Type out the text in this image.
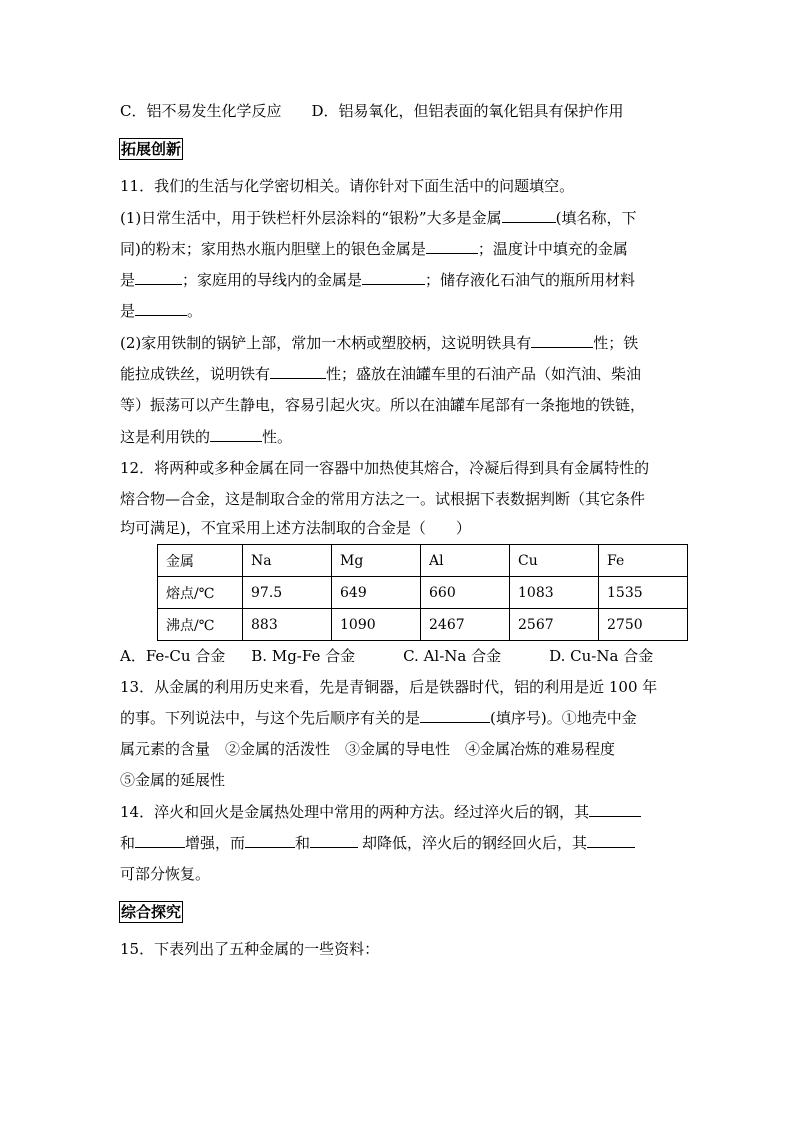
C．铝不易发生化学反应 D．铝易氧化，但铝表面的氧化铝具有保护作用
拓展创新
11．我们的生活与化学密切相关。请你针对下面生活中的问题填空。
(1)日常生活中，用于铁栏杆外层涂料的“银粉”大多是金属	(填名称，下
同)的粉末；家用热水瓶内胆壁上的银色金属是	；温度计中填充的金属
是	；家庭用的导线内的金属是	；储存液化石油气的瓶所用材料
是	。
(2)家用铁制的锅铲上部，常加一木柄或塑胶柄，这说明铁具有	性；铁
能拉成铁丝，说明铁有	性；盛放在油罐车里的石油产品（如汽油、柴油
等）振荡可以产生静电，容易引起火灾。所以在油罐车尾部有一条拖地的铁链，
这是利用铁的	性。
12．将两种或多种金属在同一容器中加热使其熔合，冷凝后得到具有金属特性的
熔合物—合金，这是制取合金的常用方法之一。试根据下表数据判断（其它条件
均可满足)，不宜采用上述方法制取的合金是（　　）
金属	Na	Mg	Al	Cu	Fe
熔点/℃	97.5	649	660	1083	1535
沸点/℃	883	1090	2467	2567	2750
A．Fe-Cu 合金 B. Mg-Fe 合金	C. Al-Na 合金	D. Cu-Na 合金
13．从金属的利用历史来看，先是青铜器，后是铁器时代，铝的利用是近 100 年
的事。下列说法中，与这个先后顺序有关的是	(填序号)。①地壳中金
属元素的含量　②金属的活泼性　③金属的导电性　④金属冶炼的难易程度
⑤金属的延展性
14．淬火和回火是金属热处理中常用的两种方法。经过淬火后的钢，其
和	增强，而	和	却降低，淬火后的钢经回火后，其
可部分恢复。
综合探究
15．下表列出了五种金属的一些资料：
